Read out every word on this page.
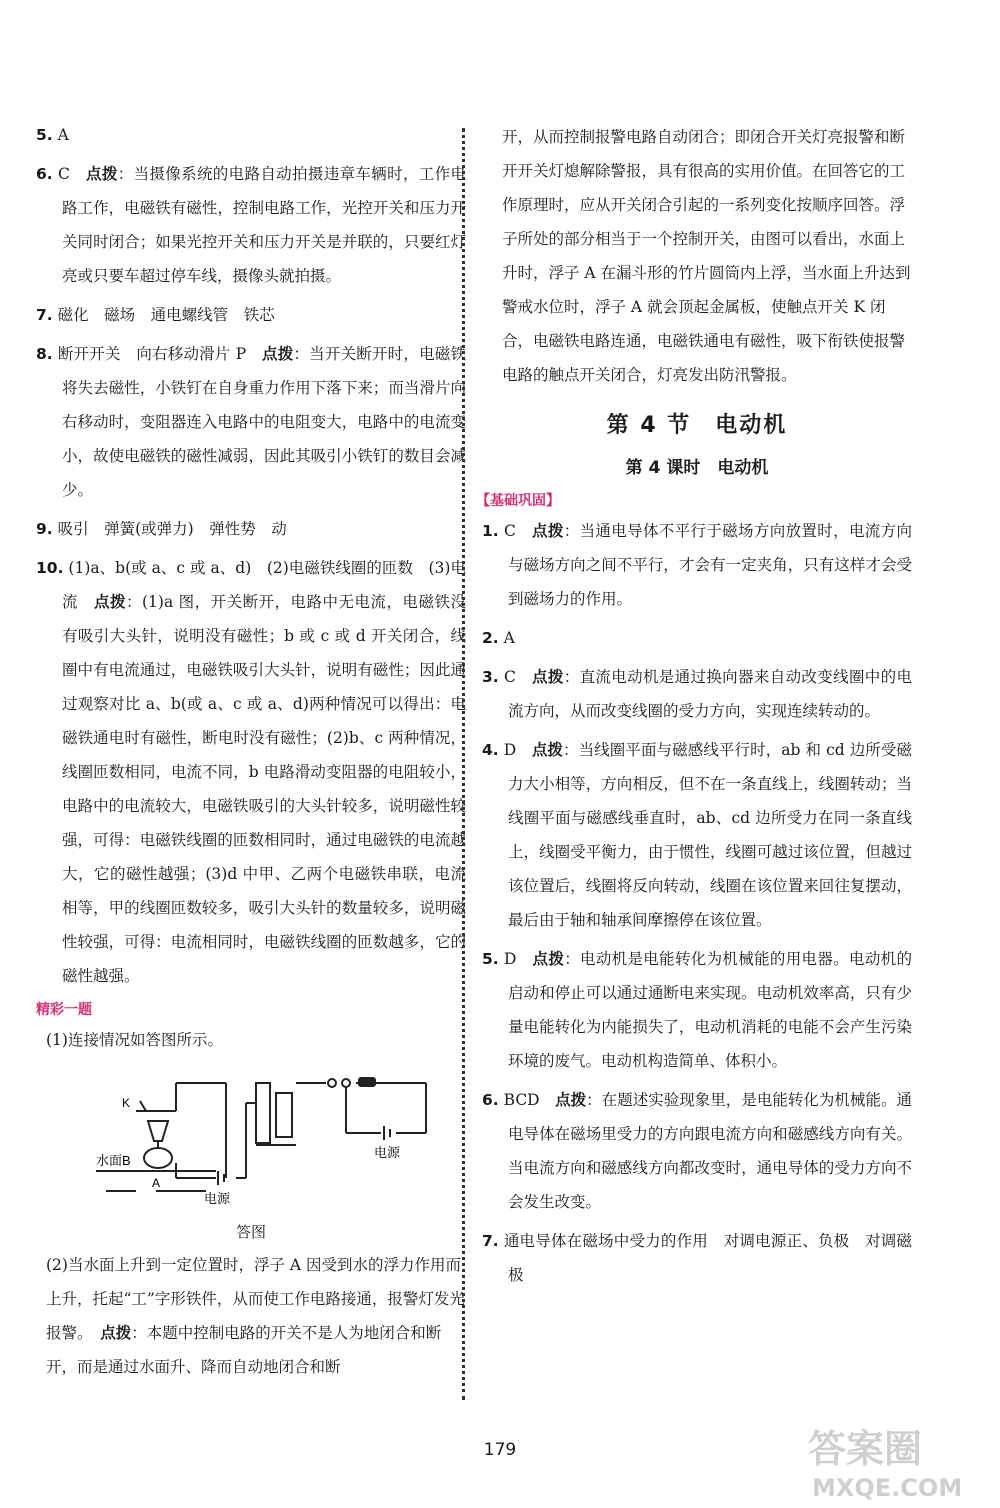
5. A
6. C　点拨：当摄像系统的电路自动拍摄违章车辆时，工作电路工作，电磁铁有磁性，控制电路工作，光控开关和压力开关同时闭合；如果光控开关和压力开关是并联的，只要红灯亮或只要车超过停车线，摄像头就拍摄。
7. 磁化　磁场　通电螺线管　铁芯
8. 断开开关　向右移动滑片 P　点拨：当开关断开时，电磁铁将失去磁性，小铁钉在自身重力作用下落下来；而当滑片向右移动时，变阻器连入电路中的电阻变大，电路中的电流变小，故使电磁铁的磁性减弱，因此其吸引小铁钉的数目会减少。
9. 吸引　弹簧(或弹力)　弹性势　动
10. (1)a、b(或 a、c 或 a、d)　(2)电磁铁线圈的匝数　(3)电流　点拨：(1)a 图，开关断开，电路中无电流，电磁铁没有吸引大头针，说明没有磁性；b 或 c 或 d 开关闭合，线圈中有电流通过，电磁铁吸引大头针，说明有磁性；因此通过观察对比 a、b(或 a、c 或 a、d)两种情况可以得出：电磁铁通电时有磁性，断电时没有磁性；(2)b、c 两种情况，线圈匝数相同，电流不同，b 电路滑动变阻器的电阻较小，电路中的电流较大，电磁铁吸引的大头针较多，说明磁性较强，可得：电磁铁线圈的匝数相同时，通过电磁铁的电流越大，它的磁性越强；(3)d 中甲、乙两个电磁铁串联，电流相等，甲的线圈匝数较多，吸引大头针的数量较多，说明磁性较强，可得：电流相同时，电磁铁线圈的匝数越多，它的磁性越强。
精彩一题
(1)连接情况如答图所示。
K
水面B
A
电源
电源
答图
(2)当水面上升到一定位置时，浮子 A 因受到水的浮力作用而上升，托起“工”字形铁件，从而使工作电路接通，报警灯发光报警。　点拨：本题中控制电路的开关不是人为地闭合和断开，而是通过水面升、降而自动地闭合和断
开，从而控制报警电路自动闭合；即闭合开关灯亮报警和断开开关灯熄解除警报，具有很高的实用价值。在回答它的工作原理时，应从开关闭合引起的一系列变化按顺序回答。浮子所处的部分相当于一个控制开关，由图可以看出，水面上升时，浮子 A 在漏斗形的竹片圆筒内上浮，当水面上升达到警戒水位时，浮子 A 就会顶起金属板，使触点开关 K 闭合，电磁铁电路连通，电磁铁通电有磁性，吸下衔铁使报警电路的触点开关闭合，灯亮发出防汛警报。
第 4 节　电动机
第 4 课时　电动机
【基础巩固】
1. C　点拨：当通电导体不平行于磁场方向放置时，电流方向与磁场方向之间不平行，才会有一定夹角，只有这样才会受到磁场力的作用。
2. A
3. C　点拨：直流电动机是通过换向器来自动改变线圈中的电流方向，从而改变线圈的受力方向，实现连续转动的。
4. D　点拨：当线圈平面与磁感线平行时，ab 和 cd 边所受磁力大小相等，方向相反，但不在一条直线上，线圈转动；当线圈平面与磁感线垂直时，ab、cd 边所受力在同一条直线上，线圈受平衡力，由于惯性，线圈可越过该位置，但越过该位置后，线圈将反向转动，线圈在该位置来回往复摆动，最后由于轴和轴承间摩擦停在该位置。
5. D　点拨：电动机是电能转化为机械能的用电器。电动机的启动和停止可以通过通断电来实现。电动机效率高，只有少量电能转化为内能损失了，电动机消耗的电能不会产生污染环境的废气。电动机构造简单、体积小。
6. BCD　点拨：在题述实验现象里，是电能转化为机械能。通电导体在磁场里受力的方向跟电流方向和磁感线方向有关。当电流方向和磁感线方向都改变时，通电导体的受力方向不会发生改变。
7. 通电导体在磁场中受力的作用　对调电源正、负极　对调磁极
179	答案圈
MXQE.COM
